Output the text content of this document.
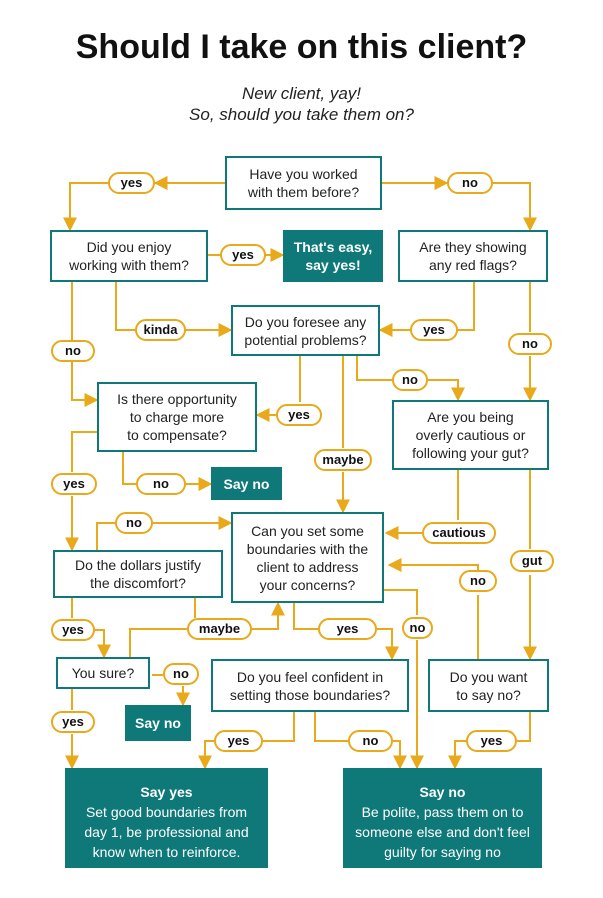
Should I take on this client?
New client, yay!
So, should you take them on?
Have you worked
with them before?
Did you enjoy
working with them?
That's easy,
say yes!
Are they showing
any red flags?
Do you foresee any
potential problems?
Is there opportunity
to charge more
to compensate?
Say no
Are you being
overly cautious or
following your gut?
Can you set some
boundaries with the
client to address
your concerns?
Do the dollars justify
the discomfort?
You sure?
Say no
Do you feel confident in
setting those boundaries?
Do you want
to say no?
Say yes
Set good boundaries from
day 1, be professional and
know when to reinforce.
Say no
Be polite, pass them on to
someone else and don't feel
guilty for saying no
yes	no
yes
kinda	yes
no	no
no
yes
maybe
yes	no
no
cautious
gut
no
yes	maybe	yes	no
no
yes
yes	no	yes
